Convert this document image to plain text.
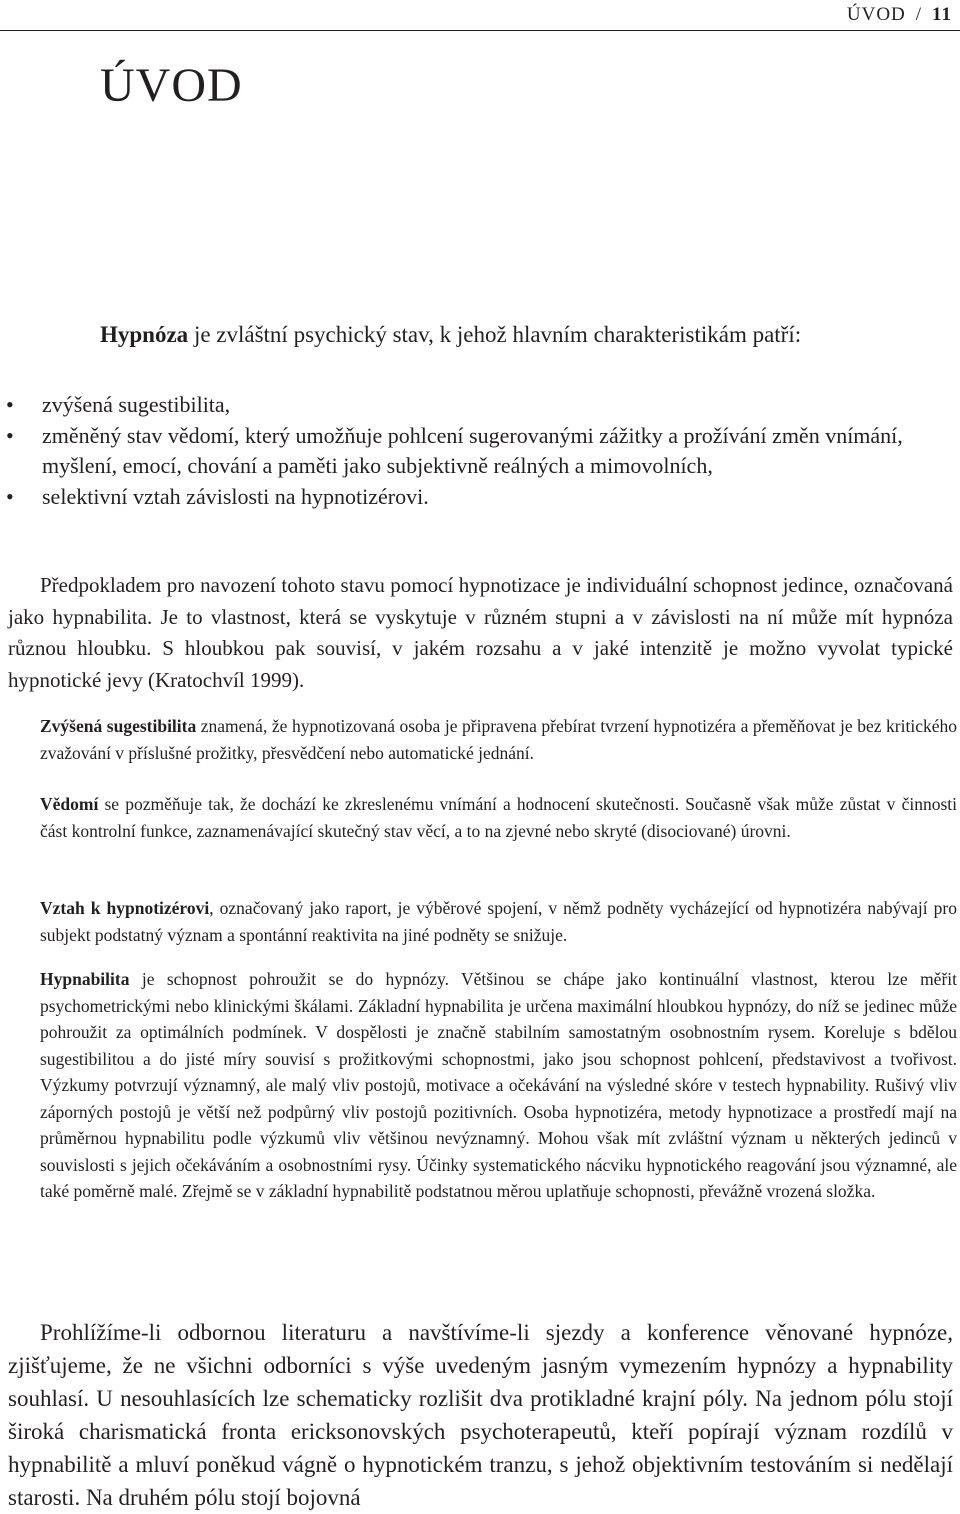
ÚVOD / 11
ÚVOD

Hypnóza je zvláštní psychický stav, k jehož hlavním charakteristikám patří:

• zvýšená sugestibilita,
• změněný stav vědomí, který umožňuje pohlcení sugerovanými zážitky a prožívání změn vnímání, myšlení, emocí, chování a paměti jako subjektivně reálných a mimovolních,
• selektivní vztah závislosti na hypnotizérovi.

Předpokladem pro navození tohoto stavu pomocí hypnotizace je individuální schopnost jedince, označovaná jako hypnabilita. Je to vlastnost, která se vyskytuje v různém stupni a v závislosti na ní může mít hypnóza různou hloubku. S hloubkou pak souvisí, v jakém rozsahu a v jaké intenzitě je možno vyvolat typické hypnotické jevy (Kratochvíl 1999).

Zvýšená sugestibilita znamená, že hypnotizovaná osoba je připravena přebírat tvrzení hypnotizéra a přeměňovat je bez kritického zvažování v příslušné prožitky, přesvědčení nebo automatické jednání.

Vědomí se pozměňuje tak, že dochází ke zkreslenému vnímání a hodnocení skutečnosti. Současně však může zůstat v činnosti část kontrolní funkce, zaznamenávající skutečný stav věcí, a to na zjevné nebo skryté (disociované) úrovni.

Vztah k hypnotizérovi, označovaný jako raport, je výběrové spojení, v němž podněty vycházející od hypnotizéra nabývají pro subjekt podstatný význam a spontánní reaktivita na jiné podněty se snižuje.

Hypnabilita je schopnost pohroužit se do hypnózy. Většinou se chápe jako kontinuální vlastnost, kterou lze měřit psychometrickými nebo klinickými škálami. Základní hypnabilita je určena maximální hloubkou hypnózy, do níž se jedinec může pohroužit za optimálních podmínek. V dospělosti je značně stabilním samostatným osobnostním rysem. Koreluje s bdělou sugestibilitou a do jisté míry souvisí s prožitkovými schopnostmi, jako jsou schopnost pohlcení, představivost a tvořivost. Výzkumy potvrzují významný, ale malý vliv postojů, motivace a očekávání na výsledné skóre v testech hypnability. Rušivý vliv záporných postojů je větší než podpůrný vliv postojů pozitivních. Osoba hypnotizéra, metody hypnotizace a prostředí mají na průměrnou hypnabilitu podle výzkumů vliv většinou nevýznamný. Mohou však mít zvláštní význam u některých jedinců v souvislosti s jejich očekáváním a osobnostními rysy. Účinky systematického nácviku hypnotického reagování jsou významné, ale také poměrně malé. Zřejmě se v základní hypnabilitě podstatnou měrou uplatňuje schopnosti, převážně vrozená složka.

Prohlížíme-li odbornou literaturu a navštívíme-li sjezdy a konference věnované hypnóze, zjišťujeme, že ne všichni odborníci s výše uvedeným jasným vymezením hypnózy a hypnability souhlasí. U nesouhlasících lze schematicky rozlišit dva protikladné krajní póly. Na jednom pólu stojí široká charismatická fronta ericksonovských psychoterapeutů, kteří popírají význam rozdílů v hypnabilitě a mluví poněkud vágně o hypnotickém tranzu, s jehož objektivním testováním si nedělají starosti. Na druhém pólu stojí bojovná
